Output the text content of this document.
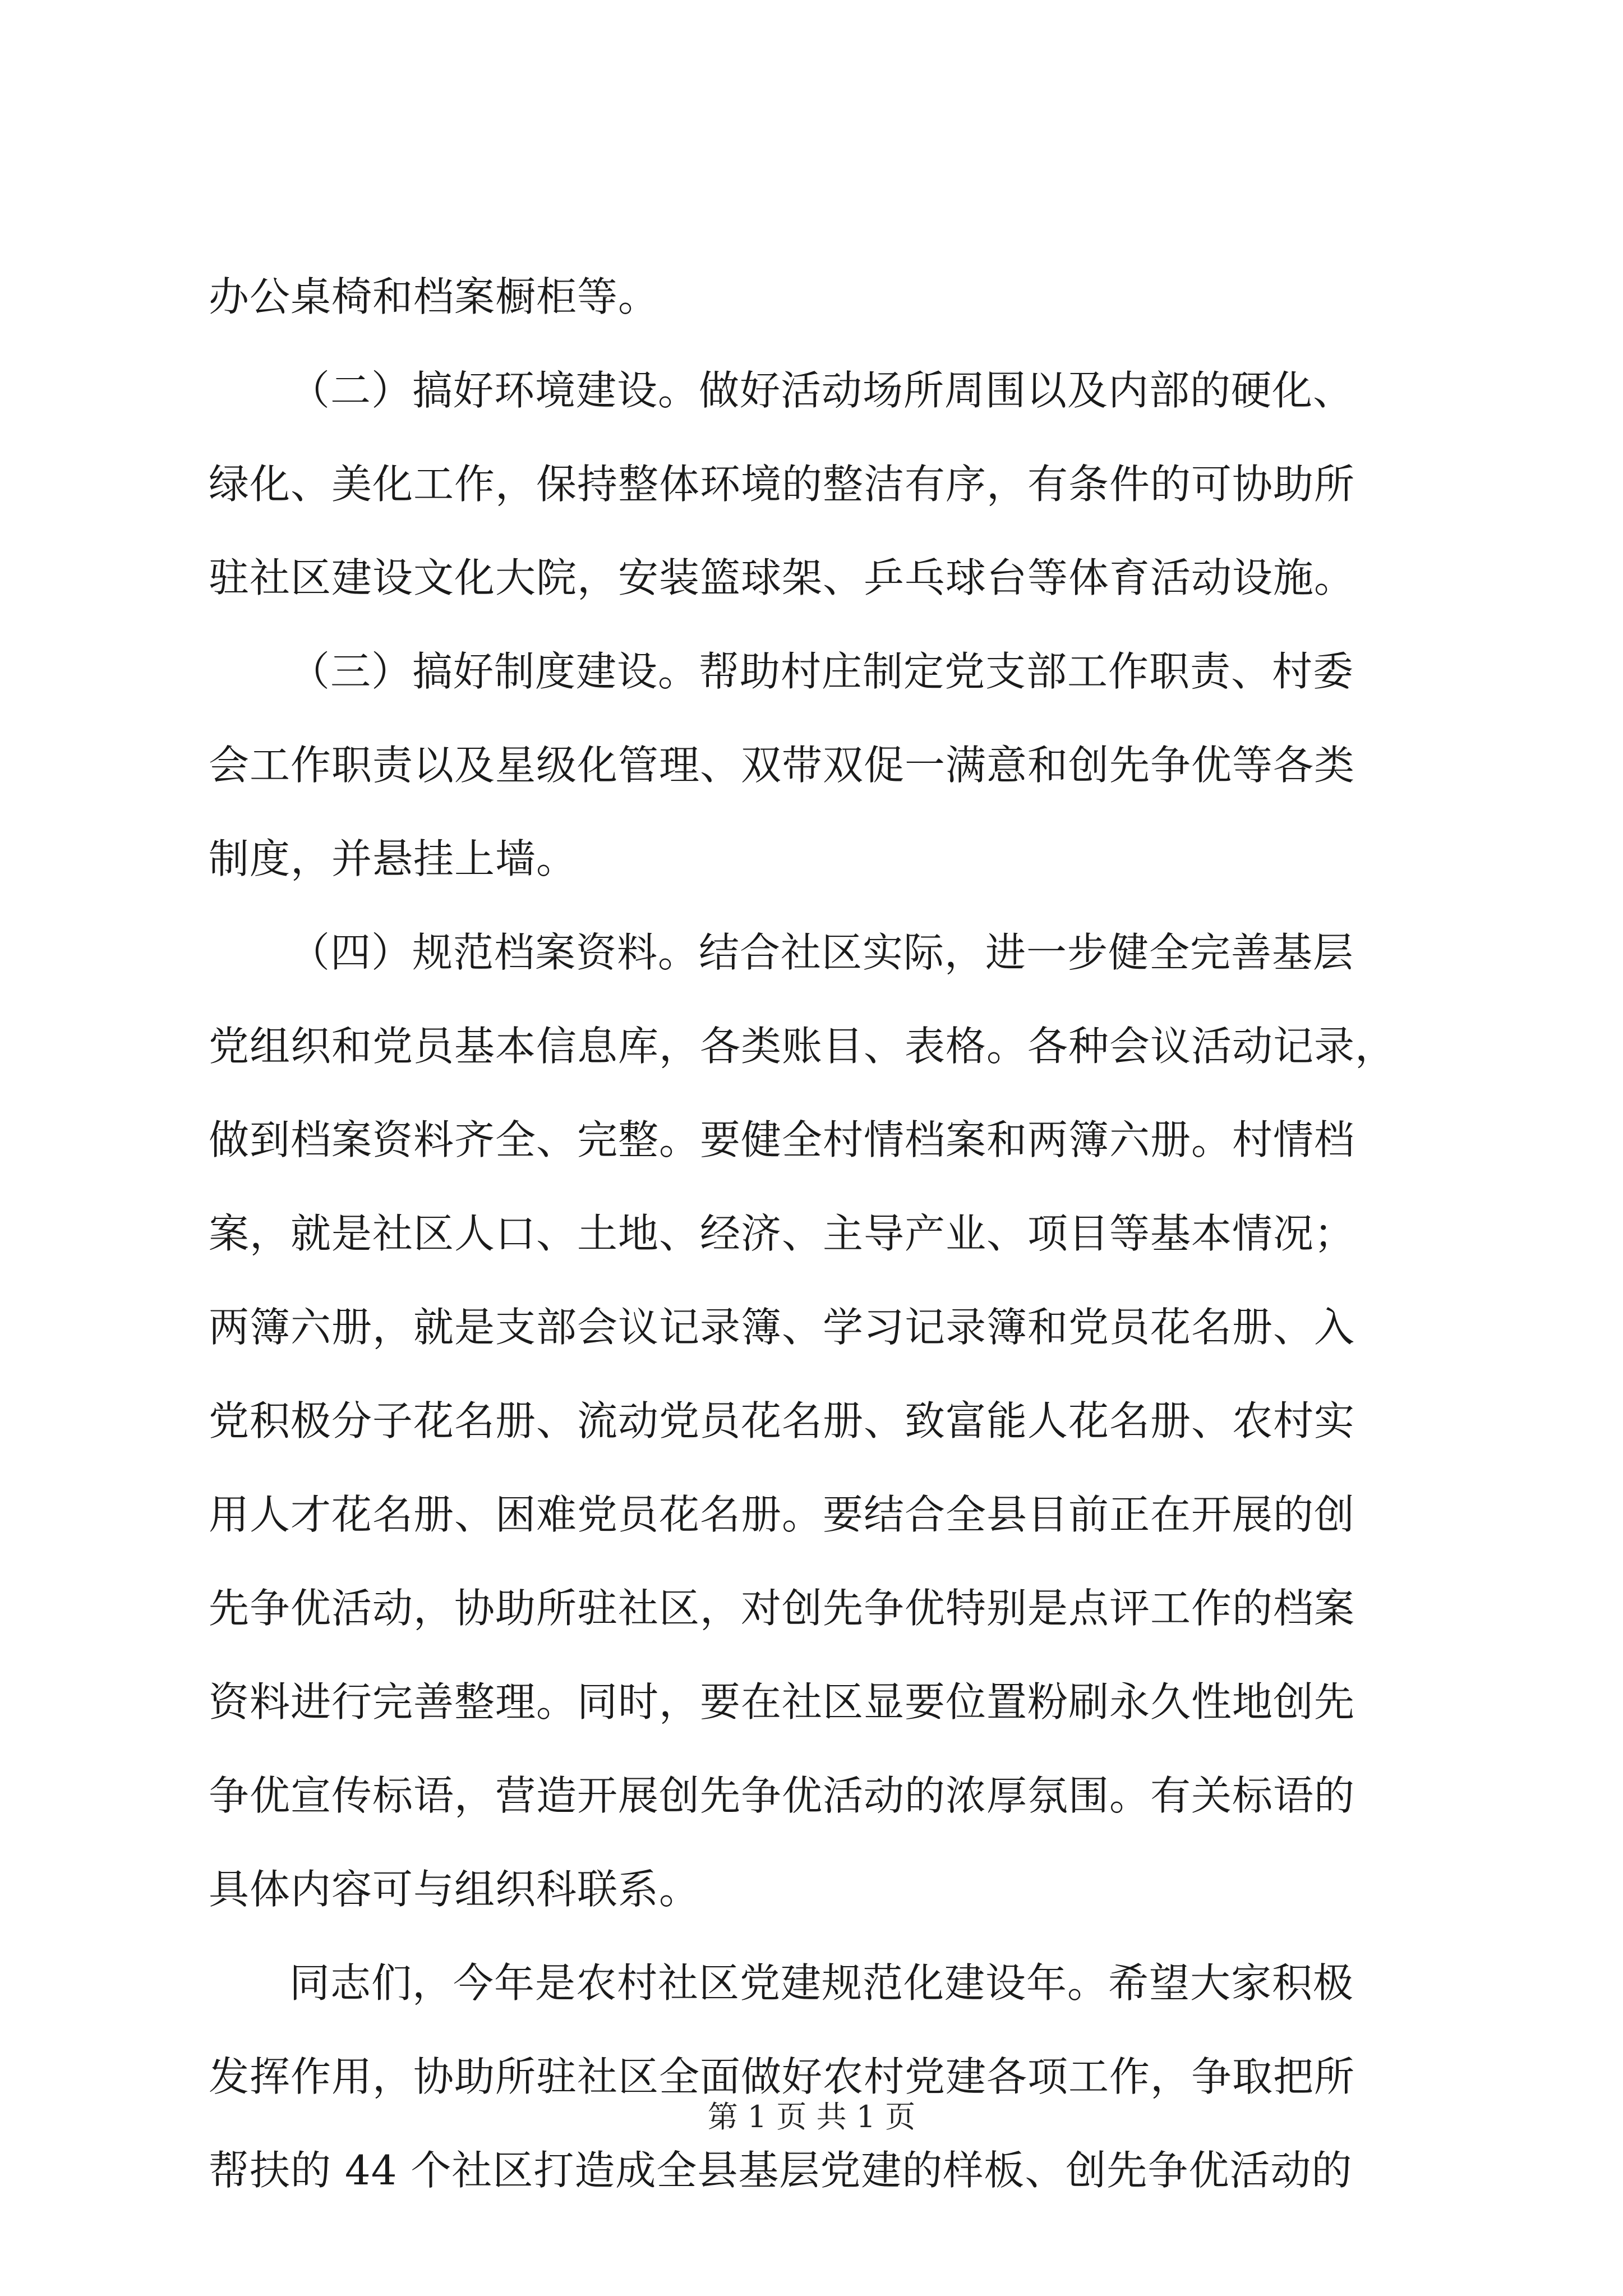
办公桌椅和档案橱柜等。
（二）搞好环境建设。做好活动场所周围以及内部的硬化、
绿化、美化工作，保持整体环境的整洁有序，有条件的可协助所
驻社区建设文化大院，安装篮球架、乒乓球台等体育活动设施。
（三）搞好制度建设。帮助村庄制定党支部工作职责、村委
会工作职责以及星级化管理、双带双促一满意和创先争优等各类
制度，并悬挂上墙。
（四）规范档案资料。结合社区实际，进一步健全完善基层
党组织和党员基本信息库，各类账目、表格。各种会议活动记录，
做到档案资料齐全、完整。要健全村情档案和两簿六册。村情档
案，就是社区人口、土地、经济、主导产业、项目等基本情况；
两簿六册，就是支部会议记录簿、学习记录簿和党员花名册、入
党积极分子花名册、流动党员花名册、致富能人花名册、农村实
用人才花名册、困难党员花名册。要结合全县目前正在开展的创
先争优活动，协助所驻社区，对创先争优特别是点评工作的档案
资料进行完善整理。同时，要在社区显要位置粉刷永久性地创先
争优宣传标语，营造开展创先争优活动的浓厚氛围。有关标语的
具体内容可与组织科联系。
同志们，今年是农村社区党建规范化建设年。希望大家积极
发挥作用，协助所驻社区全面做好农村党建各项工作，争取把所
帮扶的 44 个社区打造成全县基层党建的样板、创先争优活动的
第 1 页 共 1 页
